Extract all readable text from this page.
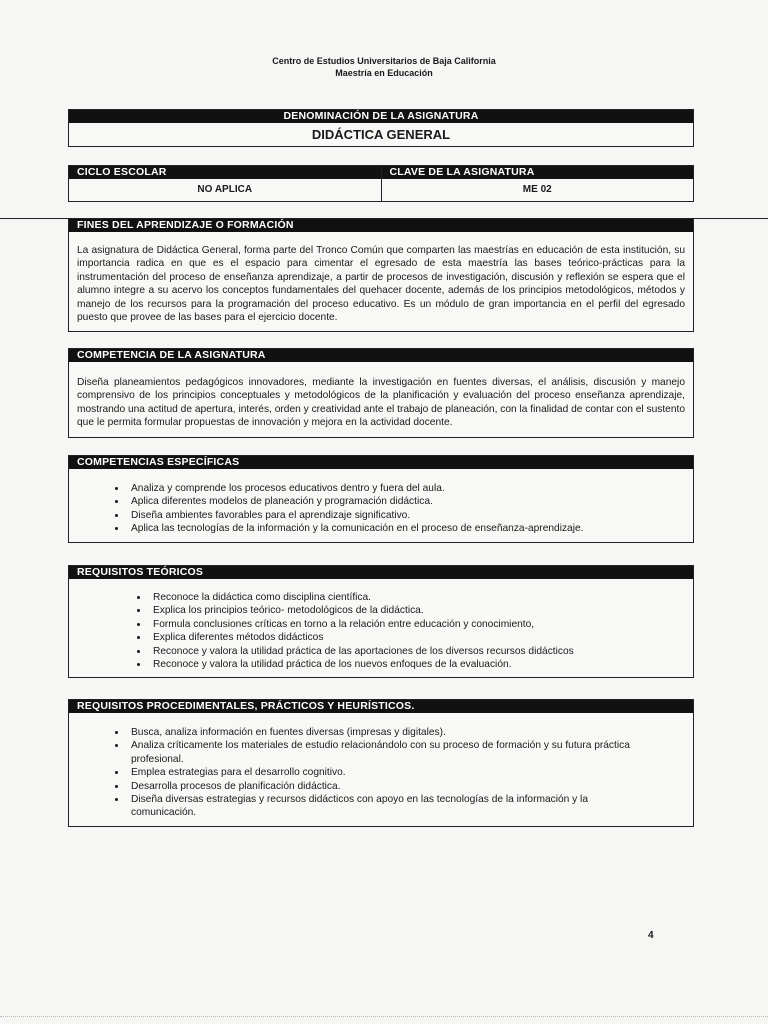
Centro de Estudios Universitarios de Baja California
Maestría en Educación
DENOMINACIÓN DE LA ASIGNATURA
DIDÁCTICA GENERAL
CICLO ESCOLAR
NO APLICA
CLAVE DE LA ASIGNATURA
ME 02
FINES DEL APRENDIZAJE O FORMACIÓN
La asignatura de Didáctica General, forma parte del Tronco Común que comparten las maestrías en educación de esta institución, su importancia radica en que es el espacio para cimentar el egresado de esta maestría las bases teórico-prácticas para la instrumentación del proceso de enseñanza aprendizaje, a partir de procesos de investigación, discusión y reflexión se espera que el alumno integre a su acervo los conceptos fundamentales del quehacer docente, además de los principios metodológicos, métodos y manejo de los recursos para la programación del proceso educativo. Es un módulo de gran importancia en el perfil del egresado puesto que provee de las bases para el ejercicio docente.
COMPETENCIA DE LA ASIGNATURA
Diseña planeamientos pedagógicos innovadores, mediante la investigación en fuentes diversas, el análisis, discusión y manejo comprensivo de los principios conceptuales y metodológicos de la planificación y evaluación del proceso enseñanza aprendizaje, mostrando una actitud de apertura, interés, orden y creatividad ante el trabajo de planeación, con la finalidad de contar con el sustento que le permita formular propuestas de innovación y mejora en la actividad docente.
COMPETENCIAS ESPECÍFICAS
• Analiza y comprende los procesos educativos dentro y fuera del aula.
• Aplica diferentes modelos de planeación y programación didáctica.
• Diseña ambientes favorables para el aprendizaje significativo.
• Aplica las tecnologías de la información y la comunicación en el proceso de enseñanza-aprendizaje.
REQUISITOS TEÓRICOS
• Reconoce la didáctica como disciplina científica.
• Explica los principios teórico- metodológicos de la didáctica.
• Formula conclusiones críticas en torno a la relación entre educación y conocimiento,
• Explica diferentes métodos didácticos
• Reconoce y valora la utilidad práctica de las aportaciones de los diversos recursos didácticos
• Reconoce y valora la utilidad práctica de los nuevos enfoques de la evaluación.
REQUISITOS PROCEDIMENTALES, PRÁCTICOS Y HEURÍSTICOS.
• Busca, analiza información en fuentes diversas (impresas y digitales).
• Analiza críticamente los materiales de estudio relacionándolo con su proceso de formación y su futura práctica profesional.
• Emplea estrategias para el desarrollo cognitivo.
• Desarrolla procesos de planificación didáctica.
• Diseña diversas estrategias y recursos didácticos con apoyo en las tecnologías de la información y la comunicación.
4
